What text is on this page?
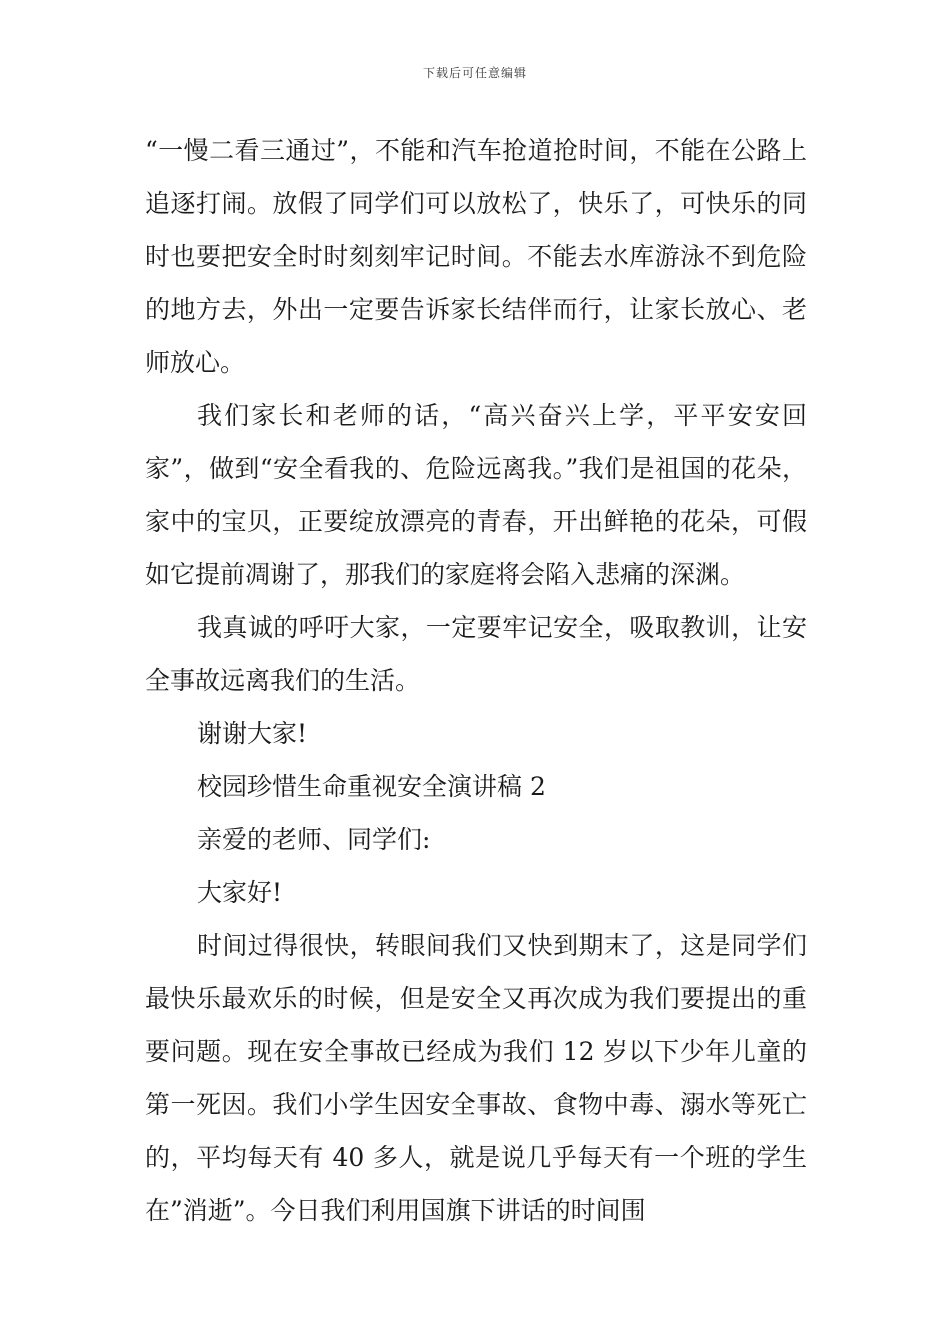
下载后可任意编辑

“一慢二看三通过”，不能和汽车抢道抢时间，不能在公路上追逐打闹。放假了同学们可以放松了，快乐了，可快乐的同时也要把安全时时刻刻牢记时间。不能去水库游泳不到危险的地方去，外出一定要告诉家长结伴而行，让家长放心、老师放心。

我们家长和老师的话，“高兴奋兴上学，平平安安回家”，做到“安全看我的、危险远离我。”我们是祖国的花朵，家中的宝贝，正要绽放漂亮的青春，开出鲜艳的花朵，可假如它提前凋谢了，那我们的家庭将会陷入悲痛的深渊。

我真诚的呼吁大家，一定要牢记安全，吸取教训，让安全事故远离我们的生活。

谢谢大家!

校园珍惜生命重视安全演讲稿 2

亲爱的老师、同学们:

大家好!

时间过得很快，转眼间我们又快到期末了，这是同学们最快乐最欢乐的时候，但是安全又再次成为我们要提出的重要问题。现在安全事故已经成为我们 12 岁以下少年儿童的第一死因。我们小学生因安全事故、食物中毒、溺水等死亡的，平均每天有 40 多人，就是说几乎每天有一个班的学生在”消逝”。今日我们利用国旗下讲话的时间围
